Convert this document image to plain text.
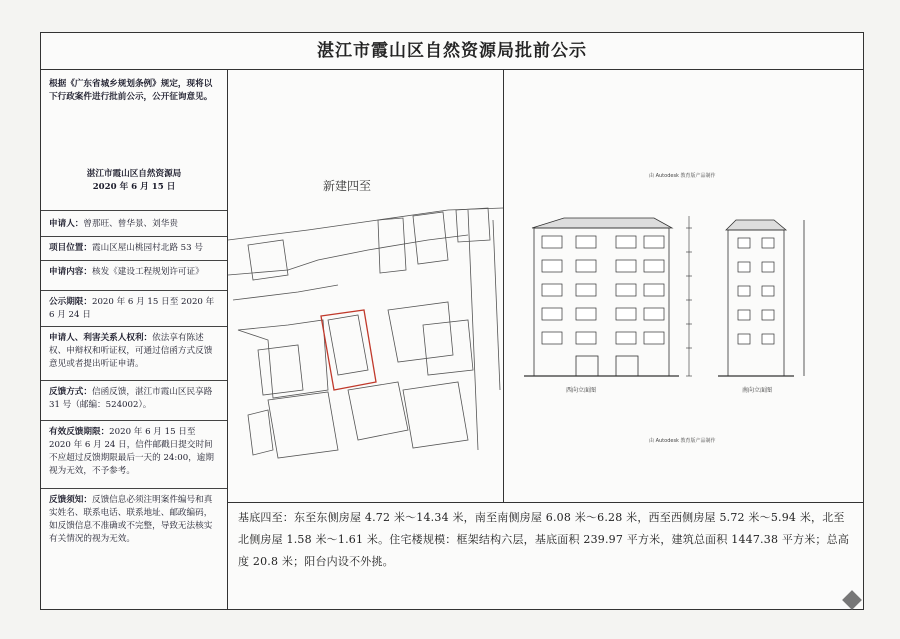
湛江市霞山区自然资源局批前公示
根据《广东省城乡规划条例》规定，现将以下行政案件进行批前公示，公开征询意见。
湛江市霞山区自然资源局
2020 年 6 月 15 日
申请人：曾那旺、曾华景、刘华贵
项目位置：霞山区屋山桃园村北路 53 号
申请内容：核发《建设工程规划许可证》
公示期限：2020 年 6 月 15 日至 2020 年 6 月 24 日
申请人、利害关系人权利：依法享有陈述权、申辩权和听证权，可通过信函方式反馈意见或者提出听证申请。
反馈方式：信函反馈，湛江市霞山区民享路 31 号（邮编：524002）。
有效反馈期限：2020 年 6 月 15 日至 2020 年 6 月 24 日，信件邮戳日提交时间不应超过反馈期限最后一天的 24:00，逾期视为无效，不予参考。
反馈须知：反馈信息必须注明案件编号和真实姓名、联系电话、联系地址、邮政编码，如反馈信息不准确或不完整，导致无法核实有关情况的视为无效。
新建四至
由 Autodesk 教育版产品制作
由 Autodesk 教育版产品制作
西向立面图	南向立面图
基底四至：东至东侧房屋 4.72 米～14.34 米，南至南侧房屋 6.08 米～6.28 米，西至西侧房屋 5.72 米～5.94 米，北至北侧房屋 1.58 米～1.61 米。住宅楼规模：框架结构六层，基底面积 239.97 平方米，建筑总面积 1447.38 平方米；总高度 20.8 米；阳台内设不外挑。
